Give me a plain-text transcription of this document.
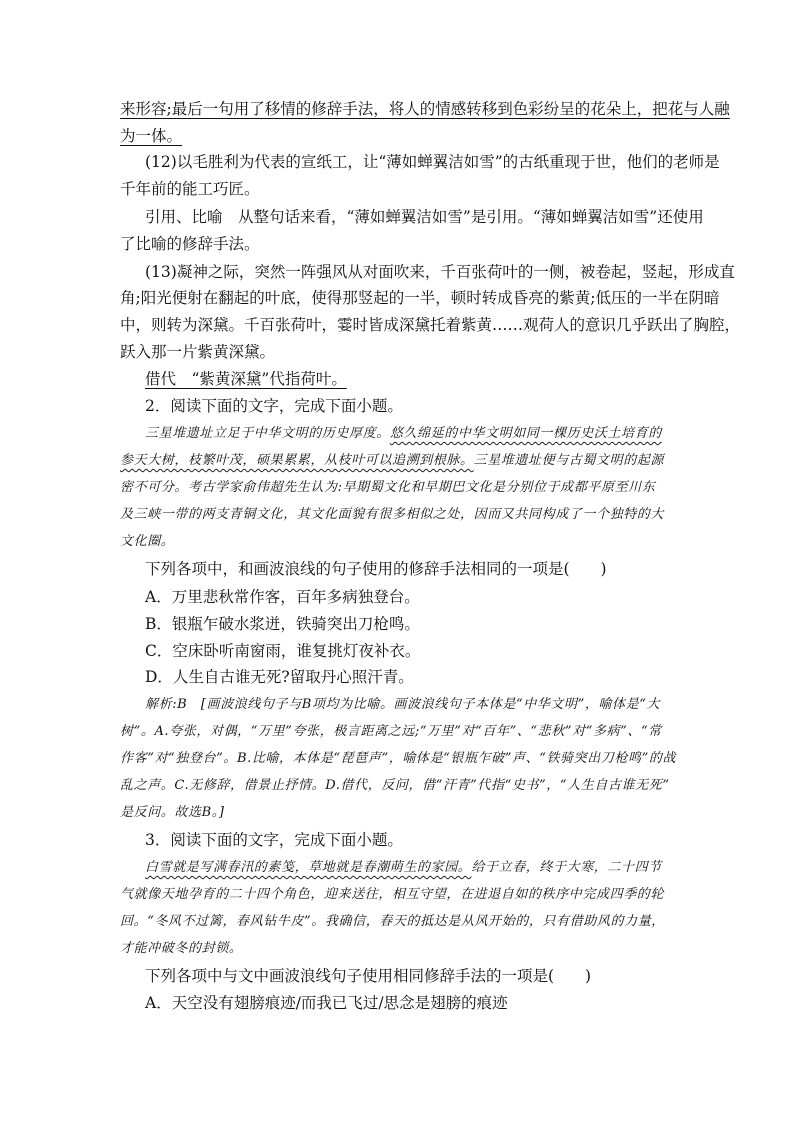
来形容;最后一句用了移情的修辞手法，将人的情感转移到色彩纷呈的花朵上，把花与人融
为一体。
(12)以毛胜利为代表的宣纸工，让“薄如蝉翼洁如雪”的古纸重现于世，他们的老师是
千年前的能工巧匠。
引用、比喻　从整句话来看，“薄如蝉翼洁如雪”是引用。“薄如蝉翼洁如雪”还使用
了比喻的修辞手法。
(13)凝神之际，突然一阵强风从对面吹来，千百张荷叶的一侧，被卷起，竖起，形成直
角;阳光便射在翻起的叶底，使得那竖起的一半，顿时转成昏亮的紫黄;低压的一半在阴暗
中，则转为深黛。千百张荷叶，霎时皆成深黛托着紫黄……观荷人的意识几乎跃出了胸腔，
跃入那一片紫黄深黛。
借代　“紫黄深黛”代指荷叶。
2．阅读下面的文字，完成下面小题。
三星堆遗址立足于中华文明的历史厚度。悠久绵延的中华文明如同一棵历史沃土培育的
参天大树，枝繁叶茂，硕果累累，从枝叶可以追溯到根脉。三星堆遗址便与古蜀文明的起源
密不可分。考古学家俞伟超先生认为:早期蜀文化和早期巴文化是分别位于成都平原至川东
及三峡一带的两支青铜文化，其文化面貌有很多相似之处，因而又共同构成了一个独特的大
文化圈。
下列各项中，和画波浪线的句子使用的修辞手法相同的一项是(　　)
A．万里悲秋常作客，百年多病独登台。
B．银瓶乍破水浆迸，铁骑突出刀枪鸣。
C．空床卧听南窗雨，谁复挑灯夜补衣。
D．人生自古谁无死?留取丹心照汗青。
解析:B　[画波浪线句子与B项均为比喻。画波浪线句子本体是“中华文明”，喻体是“大
树”。A.夸张，对偶，“万里”夸张，极言距离之远;“万里”对“百年”、“悲秋”对“多病”、“常
作客”对“独登台”。B.比喻，本体是“琵琶声”，喻体是“银瓶乍破”声、“铁骑突出刀枪鸣”的战
乱之声。C.无修辞，借景止抒情。D.借代，反问，借“汗青”代指“史书”，“人生自古谁无死”
是反问。故选B。]
3．阅读下面的文字，完成下面小题。
白雪就是写满春汛的素笺，草地就是春潮萌生的家园。给于立春，终于大寒，二十四节
气就像天地孕育的二十四个角色，迎来送往，相互守望，在进退自如的秩序中完成四季的轮
回。“冬风不过篱，春风钻牛皮”。我确信，春天的抵达是从风开始的，只有借助风的力量，
才能冲破冬的封锁。
下列各项中与文中画波浪线句子使用相同修辞手法的一项是(　　)
A．天空没有翅膀痕迹/而我已飞过/思念是翅膀的痕迹
